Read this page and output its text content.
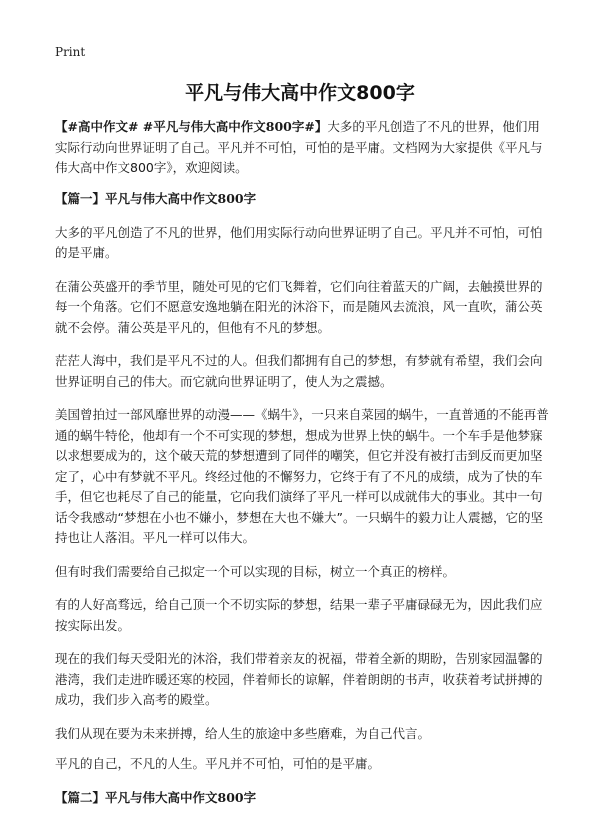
Print
平凡与伟大高中作文800字

【#高中作文# #平凡与伟大高中作文800字#】大多的平凡创造了不凡的世界，他们用实际行动向世界证明了自己。平凡并不可怕，可怕的是平庸。文档网为大家提供《平凡与伟大高中作文800字》，欢迎阅读。

【篇一】平凡与伟大高中作文800字

大多的平凡创造了不凡的世界，他们用实际行动向世界证明了自己。平凡并不可怕，可怕的是平庸。

在蒲公英盛开的季节里，随处可见的它们飞舞着，它们向往着蓝天的广阔，去触摸世界的每一个角落。它们不愿意安逸地躺在阳光的沐浴下，而是随风去流浪，风一直吹，蒲公英就不会停。蒲公英是平凡的，但他有不凡的梦想。

茫茫人海中，我们是平凡不过的人。但我们都拥有自己的梦想，有梦就有希望，我们会向世界证明自己的伟大。而它就向世界证明了，使人为之震撼。

美国曾拍过一部风靡世界的动漫——《蜗牛》，一只来自菜园的蜗牛，一直普通的不能再普通的蜗牛特伦，他却有一个不可实现的梦想，想成为世界上快的蜗牛。一个车手是他梦寐以求想要成为的，这个破天荒的梦想遭到了同伴的嘲笑，但它并没有被打击到反而更加坚定了，心中有梦就不平凡。终经过他的不懈努力，它终于有了不凡的成绩，成为了快的车手，但它也耗尽了自己的能量，它向我们演绎了平凡一样可以成就伟大的事业。其中一句话令我感动“梦想在小也不嫌小，梦想在大也不嫌大”。一只蜗牛的毅力让人震撼，它的坚持也让人落泪。平凡一样可以伟大。

但有时我们需要给自己拟定一个可以实现的目标，树立一个真正的榜样。

有的人好高骛远，给自己顶一个不切实际的梦想，结果一辈子平庸碌碌无为，因此我们应按实际出发。

现在的我们每天受阳光的沐浴，我们带着亲友的祝福，带着全新的期盼，告别家园温馨的港湾，我们走进昨暖还寒的校园，伴着师长的谅解，伴着朗朗的书声，收获着考试拼搏的成功，我们步入高考的殿堂。

我们从现在要为未来拼搏，给人生的旅途中多些磨难，为自己代言。

平凡的自己，不凡的人生。平凡并不可怕，可怕的是平庸。

【篇二】平凡与伟大高中作文800字
